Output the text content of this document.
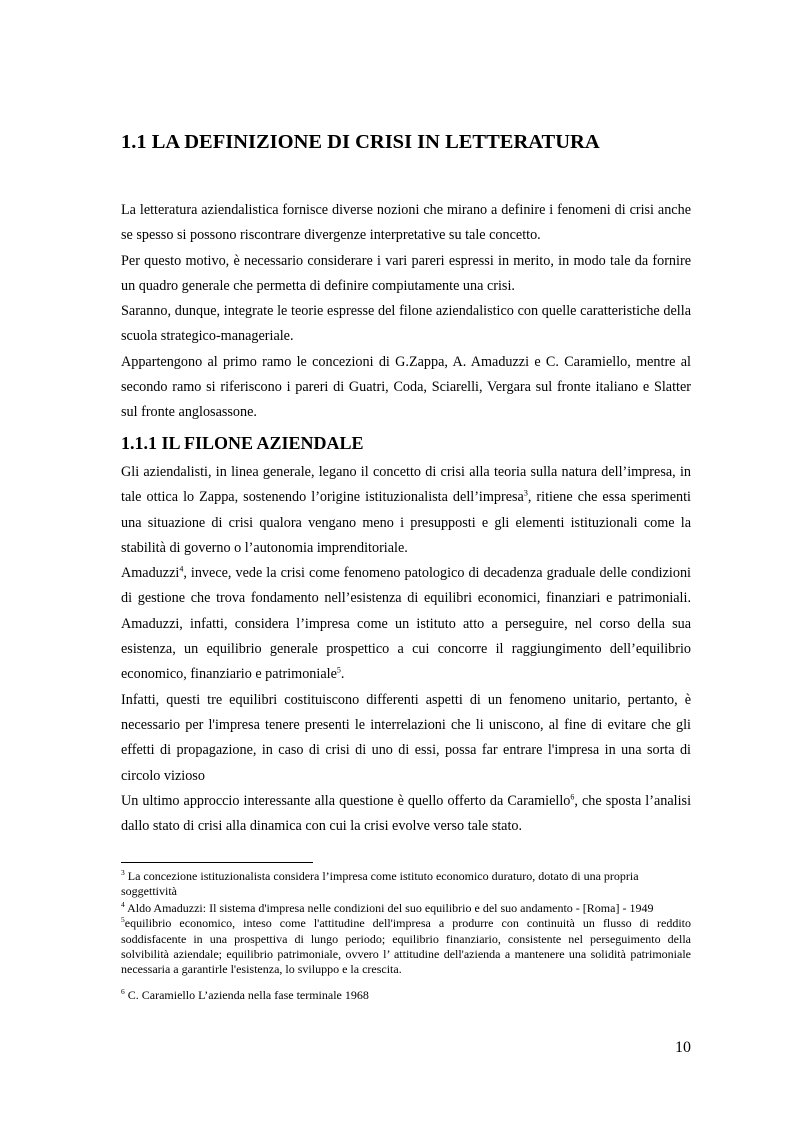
1.1 LA DEFINIZIONE DI CRISI IN LETTERATURA

La letteratura aziendalistica fornisce diverse nozioni che mirano a definire i fenomeni di crisi anche se spesso si possono riscontrare divergenze interpretative su tale concetto.

Per questo motivo, è necessario considerare i vari pareri espressi in merito, in modo tale da fornire un quadro generale che permetta di definire compiutamente una crisi.

Saranno, dunque, integrate le teorie espresse del filone aziendalistico con quelle caratteristiche della scuola strategico-manageriale.

Appartengono al primo ramo le concezioni di G.Zappa, A. Amaduzzi e C. Caramiello, mentre al secondo ramo si riferiscono i pareri di Guatri, Coda, Sciarelli, Vergara sul fronte italiano e Slatter sul fronte anglosassone.

1.1.1 IL FILONE AZIENDALE

Gli aziendalisti, in linea generale, legano il concetto di crisi alla teoria sulla natura dell’impresa, in tale ottica lo Zappa, sostenendo l’origine istituzionalista dell’impresa$^3$, ritiene che essa sperimenti una situazione di crisi qualora vengano meno i presupposti e gli elementi istituzionali come la stabilità di governo o l’autonomia imprenditoriale.

Amaduzzi$^4$, invece, vede la crisi come fenomeno patologico di decadenza graduale delle condizioni di gestione che trova fondamento nell’esistenza di equilibri economici, finanziari e patrimoniali. Amaduzzi, infatti, considera l’impresa come un istituto atto a perseguire, nel corso della sua esistenza, un equilibrio generale prospettico a cui concorre il raggiungimento dell’equilibrio economico, finanziario e patrimoniale$^5$.

Infatti, questi tre equilibri costituiscono differenti aspetti di un fenomeno unitario, pertanto, è necessario per l'impresa tenere presenti le interrelazioni che li uniscono, al fine di evitare che gli effetti di propagazione, in caso di crisi di uno di essi, possa far entrare l'impresa in una sorta di circolo vizioso

Un ultimo approccio interessante alla questione è quello offerto da Caramiello$^6$, che sposta l’analisi dallo stato di crisi alla dinamica con cui la crisi evolve verso tale stato.

$^3$ La concezione istituzionalista considera l’impresa come istituto economico duraturo, dotato di una propria soggettività

$^4$ Aldo Amaduzzi: Il sistema d'impresa nelle condizioni del suo equilibrio e del suo andamento - [Roma] - 1949

$^5$equilibrio economico, inteso come l'attitudine dell'impresa a produrre con continuità un flusso di reddito soddisfacente in una prospettiva di lungo periodo; equilibrio finanziario, consistente nel perseguimento della solvibilità aziendale; equilibrio patrimoniale, ovvero l’ attitudine dell'azienda a mantenere una solidità patrimoniale necessaria a garantirle l'esistenza, lo sviluppo e la crescita.

$^6$ C. Caramiello L’azienda nella fase terminale 1968

10
